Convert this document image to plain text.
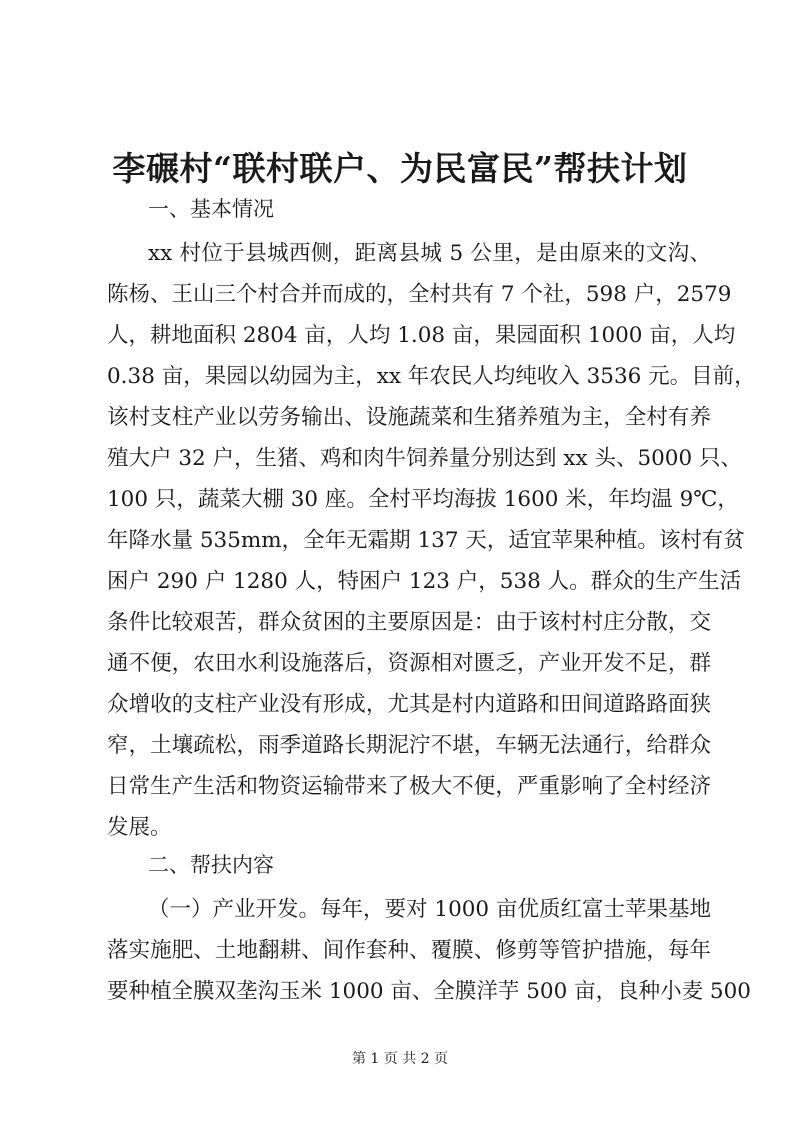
李碾村“联村联户、为民富民”帮扶计划
一、基本情况
xx 村位于县城西侧，距离县城 5 公里，是由原来的文沟、
陈杨、王山三个村合并而成的，全村共有 7 个社，598 户，2579
人，耕地面积 2804 亩，人均 1.08 亩，果园面积 1000 亩，人均
0.38 亩，果园以幼园为主，xx 年农民人均纯收入 3536 元。目前，
该村支柱产业以劳务输出、设施蔬菜和生猪养殖为主，全村有养
殖大户 32 户，生猪、鸡和肉牛饲养量分别达到 xx 头、5000 只、
100 只，蔬菜大棚 30 座。全村平均海拔 1600 米，年均温 9℃，
年降水量 535mm，全年无霜期 137 天，适宜苹果种植。该村有贫
困户 290 户 1280 人，特困户 123 户，538 人。群众的生产生活
条件比较艰苦，群众贫困的主要原因是：由于该村村庄分散，交
通不便，农田水利设施落后，资源相对匮乏，产业开发不足，群
众增收的支柱产业没有形成，尤其是村内道路和田间道路路面狭
窄，土壤疏松，雨季道路长期泥泞不堪，车辆无法通行，给群众
日常生产生活和物资运输带来了极大不便，严重影响了全村经济
发展。
二、帮扶内容
（一）产业开发。每年，要对 1000 亩优质红富士苹果基地
落实施肥、土地翻耕、间作套种、覆膜、修剪等管护措施，每年
要种植全膜双垄沟玉米 1000 亩、全膜洋芋 500 亩，良种小麦 500
第 1 页 共 2 页
